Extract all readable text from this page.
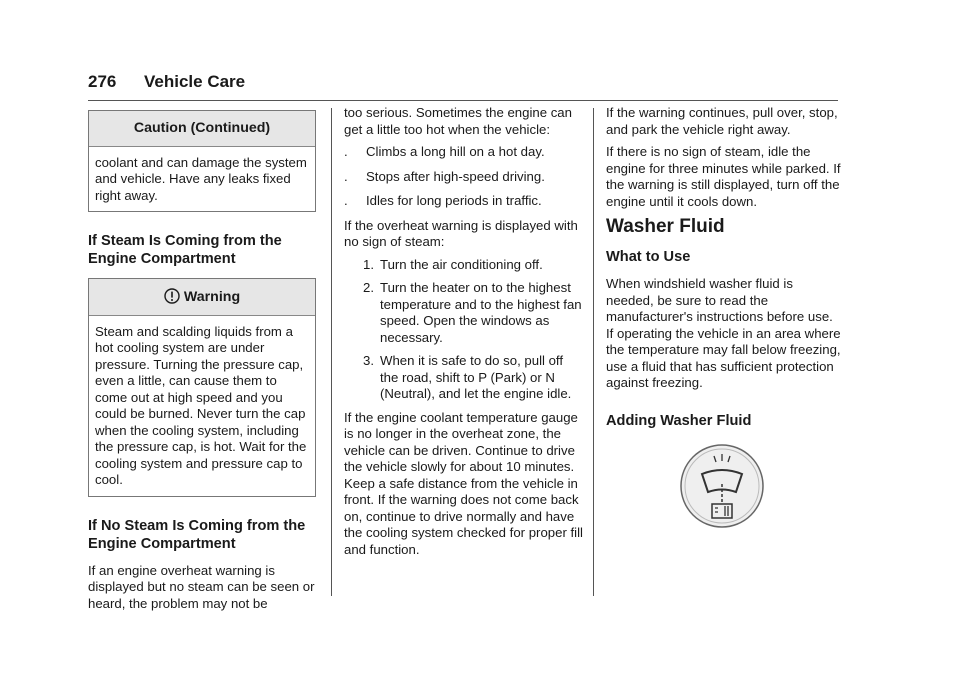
276 Vehicle Care
Caution (Continued)
coolant and can damage the system and vehicle. Have any leaks fixed right away.
If Steam Is Coming from the Engine Compartment
Warning
Steam and scalding liquids from a hot cooling system are under pressure. Turning the pressure cap, even a little, can cause them to come out at high speed and you could be burned. Never turn the cap when the cooling system, including the pressure cap, is hot. Wait for the cooling system and pressure cap to cool.
If No Steam Is Coming from the Engine Compartment

If an engine overheat warning is displayed but no steam can be seen or heard, the problem may not be

too serious. Sometimes the engine can get a little too hot when the vehicle:

.	Climbs a long hill on a hot day.
.	Stops after high-speed driving.
.	Idles for long periods in traffic.

If the overheat warning is displayed with no sign of steam:

1. Turn the air conditioning off.
2. Turn the heater on to the highest temperature and to the highest fan speed. Open the windows as necessary.
3. When it is safe to do so, pull off the road, shift to P (Park) or N (Neutral), and let the engine idle.

If the engine coolant temperature gauge is no longer in the overheat zone, the vehicle can be driven. Continue to drive the vehicle slowly for about 10 minutes. Keep a safe distance from the vehicle in front. If the warning does not come back on, continue to drive normally and have the cooling system checked for proper fill and function.

If the warning continues, pull over, stop, and park the vehicle right away.

If there is no sign of steam, idle the engine for three minutes while parked. If the warning is still displayed, turn off the engine until it cools down.

Washer Fluid
What to Use

When windshield washer fluid is needed, be sure to read the manufacturer's instructions before use. If operating the vehicle in an area where the temperature may fall below freezing, use a fluid that has sufficient protection against freezing.

Adding Washer Fluid
